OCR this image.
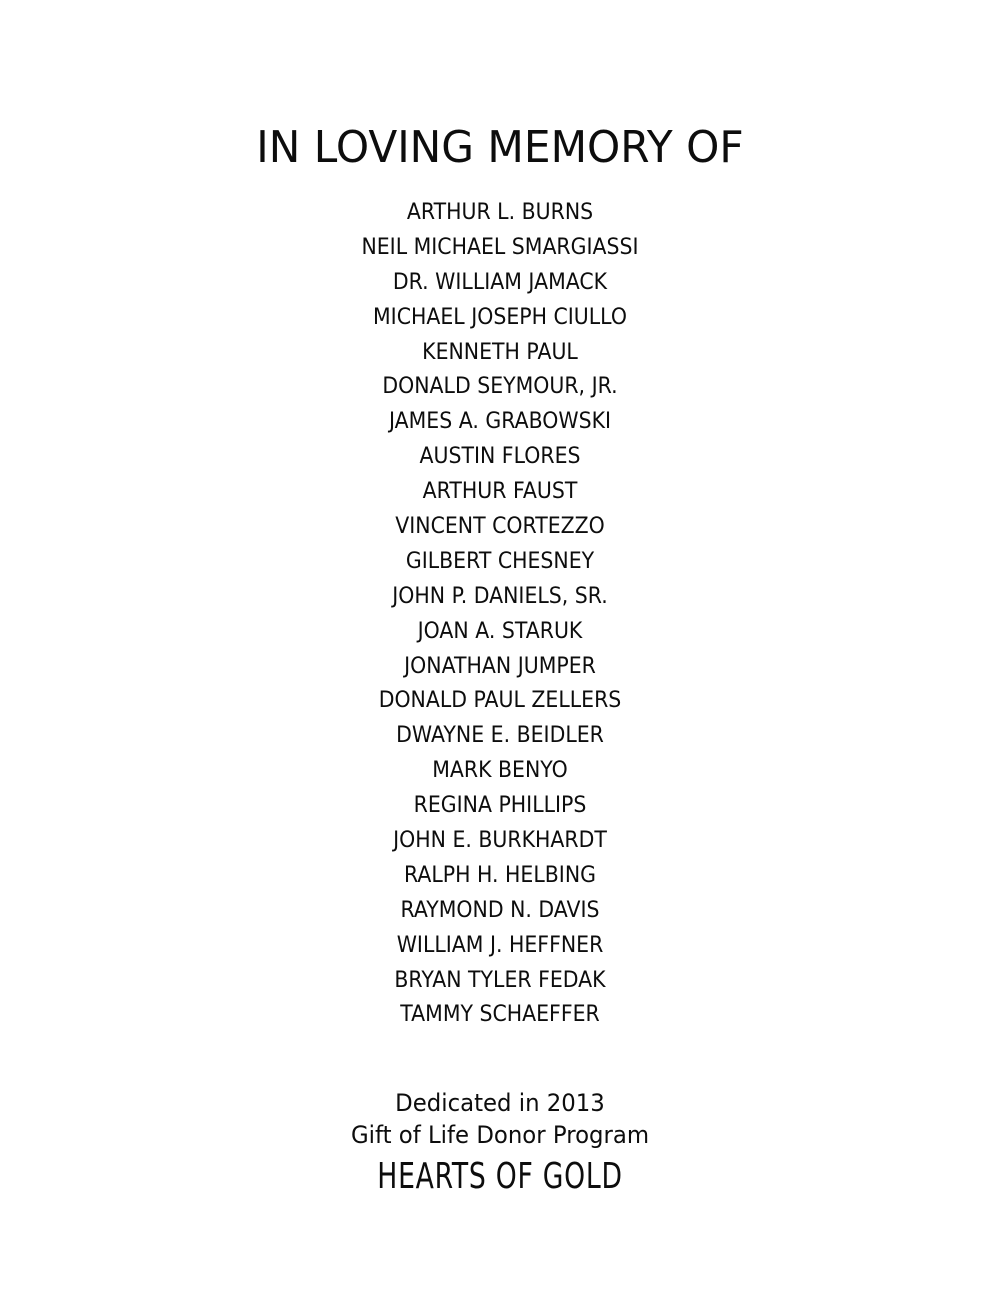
IN LOVING MEMORY OF
ARTHUR L. BURNS
NEIL MICHAEL SMARGIASSI
DR. WILLIAM JAMACK
MICHAEL JOSEPH CIULLO
KENNETH PAUL
DONALD SEYMOUR, JR.
JAMES A. GRABOWSKI
AUSTIN FLORES
ARTHUR FAUST
VINCENT CORTEZZO
GILBERT CHESNEY
JOHN P. DANIELS, SR.
JOAN A. STARUK
JONATHAN JUMPER
DONALD PAUL ZELLERS
DWAYNE E. BEIDLER
MARK BENYO
REGINA PHILLIPS
JOHN E. BURKHARDT
RALPH H. HELBING
RAYMOND N. DAVIS
WILLIAM J. HEFFNER
BRYAN TYLER FEDAK
TAMMY SCHAEFFER
Dedicated in 2013
Gift of Life Donor Program
HEARTS OF GOLD
